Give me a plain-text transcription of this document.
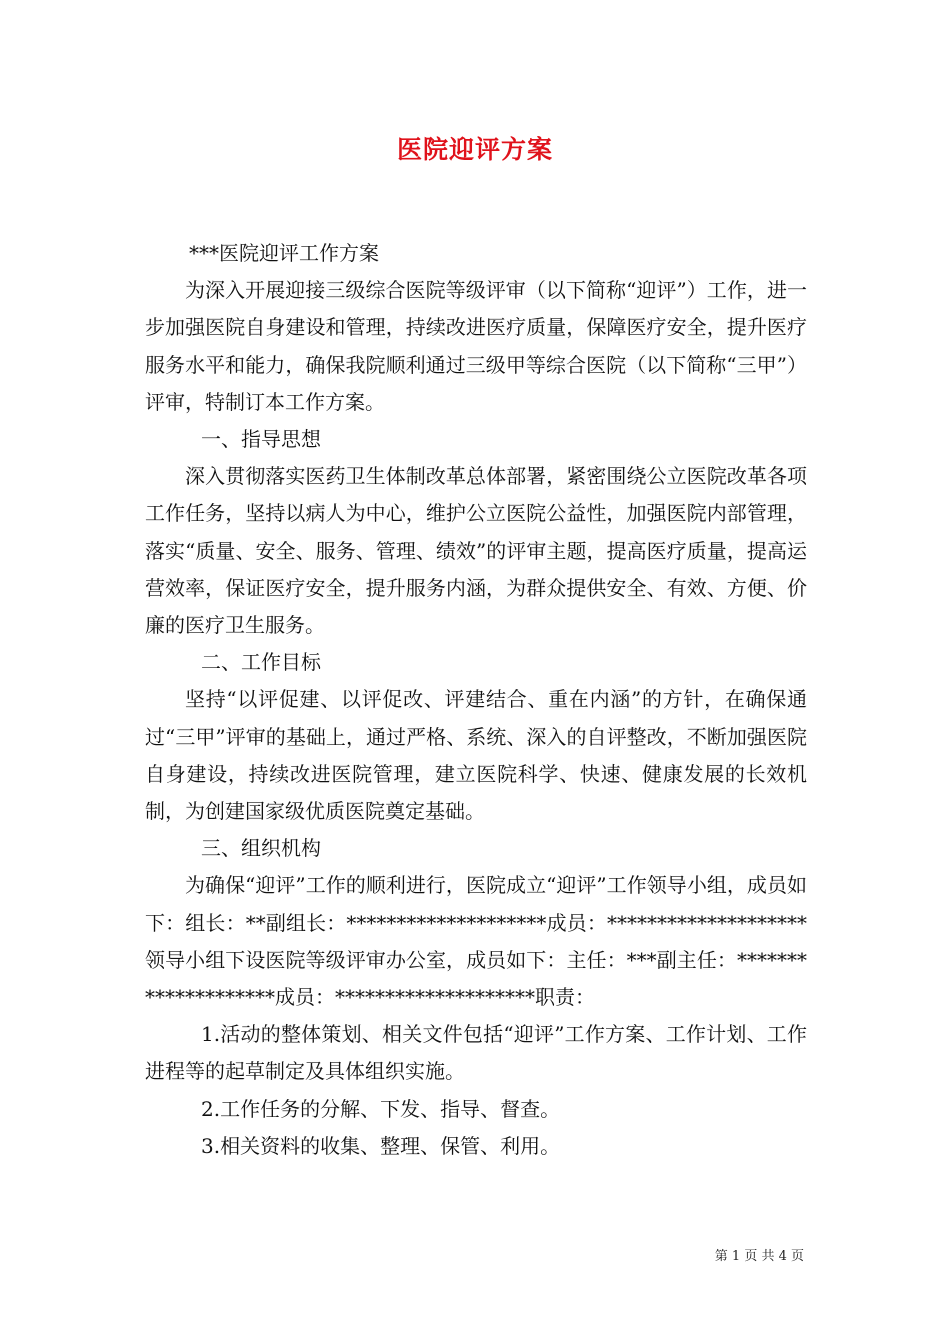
医院迎评方案

***医院迎评工作方案

为深入开展迎接三级综合医院等级评审（以下简称“迎评”）工作，进一步加强医院自身建设和管理，持续改进医疗质量，保障医疗安全，提升医疗服务水平和能力，确保我院顺利通过三级甲等综合医院（以下简称“三甲”）评审，特制订本工作方案。

一、指导思想

深入贯彻落实医药卫生体制改革总体部署，紧密围绕公立医院改革各项工作任务，坚持以病人为中心，维护公立医院公益性，加强医院内部管理，落实“质量、安全、服务、管理、绩效”的评审主题，提高医疗质量，提高运营效率，保证医疗安全，提升服务内涵，为群众提供安全、有效、方便、价廉的医疗卫生服务。

二、工作目标

坚持“以评促建、以评促改、评建结合、重在内涵”的方针，在确保通过“三甲”评审的基础上，通过严格、系统、深入的自评整改，不断加强医院自身建设，持续改进医院管理，建立医院科学、快速、健康发展的长效机制，为创建国家级优质医院奠定基础。

三、组织机构

为确保“迎评”工作的顺利进行，医院成立“迎评”工作领导小组，成员如下：组长：**副组长：********************成员：********************领导小组下设医院等级评审办公室，成员如下：主任：***副主任：********************成员：********************职责：

1.活动的整体策划、相关文件包括“迎评”工作方案、工作计划、工作进程等的起草制定及具体组织实施。

2.工作任务的分解、下发、指导、督查。

3.相关资料的收集、整理、保管、利用。

第 1 页 共 4 页
